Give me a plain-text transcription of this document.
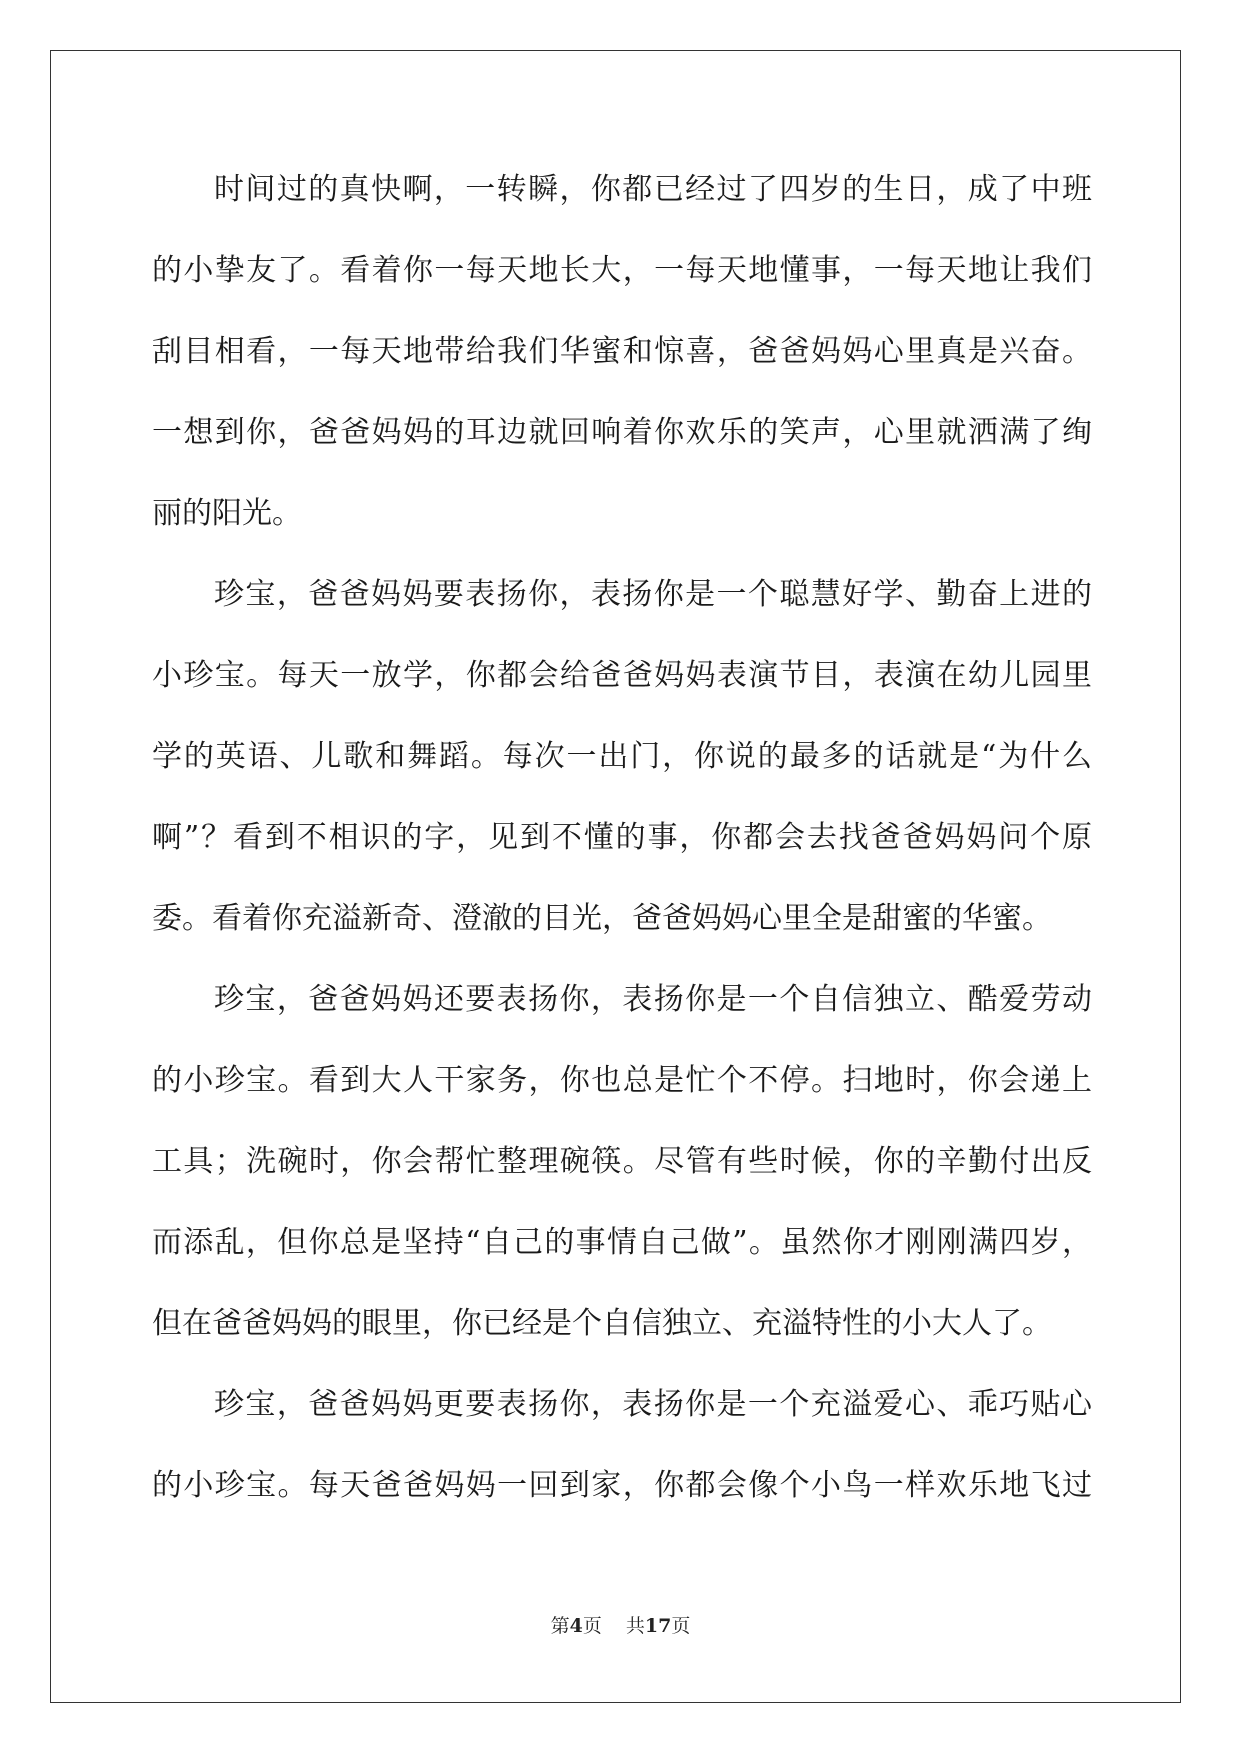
时间过的真快啊，一转瞬，你都已经过了四岁的生日，成了中班
的小挚友了。看着你一每天地长大，一每天地懂事，一每天地让我们
刮目相看，一每天地带给我们华蜜和惊喜，爸爸妈妈心里真是兴奋。
一想到你，爸爸妈妈的耳边就回响着你欢乐的笑声，心里就洒满了绚
丽的阳光。
珍宝，爸爸妈妈要表扬你，表扬你是一个聪慧好学、勤奋上进的
小珍宝。每天一放学，你都会给爸爸妈妈表演节目，表演在幼儿园里
学的英语、儿歌和舞蹈。每次一出门，你说的最多的话就是“为什么
啊”？看到不相识的字，见到不懂的事，你都会去找爸爸妈妈问个原
委。看着你充溢新奇、澄澈的目光，爸爸妈妈心里全是甜蜜的华蜜。
珍宝，爸爸妈妈还要表扬你，表扬你是一个自信独立、酷爱劳动
的小珍宝。看到大人干家务，你也总是忙个不停。扫地时，你会递上
工具；洗碗时，你会帮忙整理碗筷。尽管有些时候，你的辛勤付出反
而添乱，但你总是坚持“自己的事情自己做”。虽然你才刚刚满四岁，
但在爸爸妈妈的眼里，你已经是个自信独立、充溢特性的小大人了。
珍宝，爸爸妈妈更要表扬你，表扬你是一个充溢爱心、乖巧贴心
的小珍宝。每天爸爸妈妈一回到家，你都会像个小鸟一样欢乐地飞过
第4页 共17页
